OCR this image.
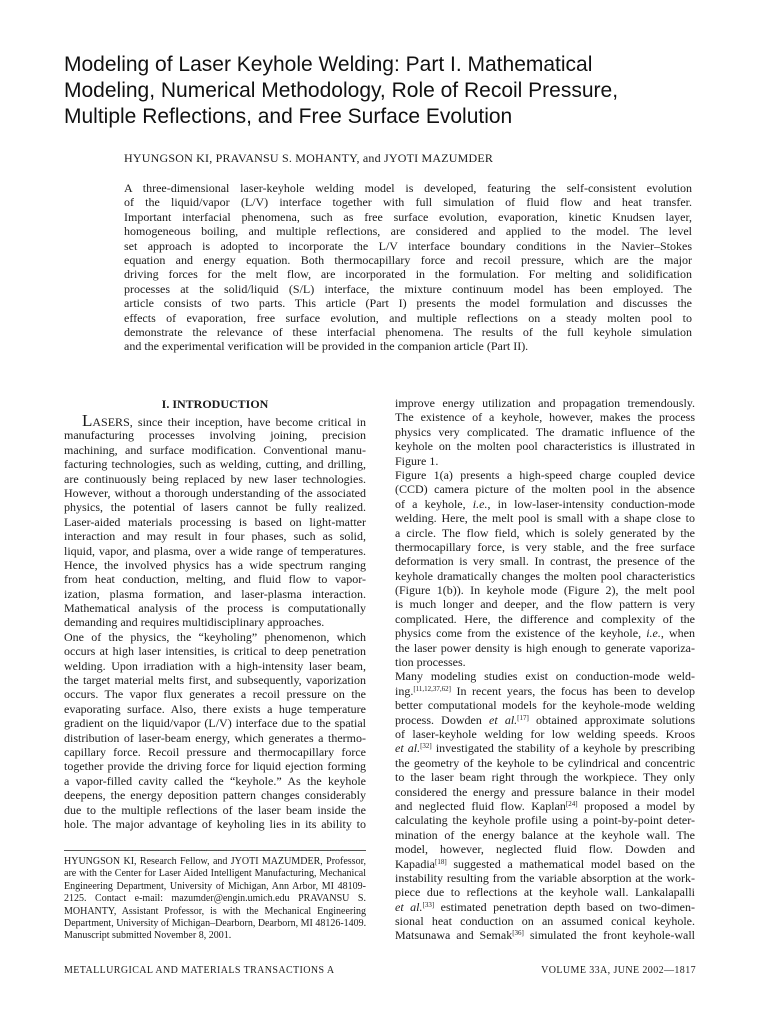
Modeling of Laser Keyhole Welding: Part I. Mathematical
Modeling, Numerical Methodology, Role of Recoil Pressure,
Multiple Reflections, and Free Surface Evolution
HYUNGSON KI, PRAVANSU S. MOHANTY, and JYOTI MAZUMDER
A three-dimensional laser-keyhole welding model is developed, featuring the self-consistent evolution
of the liquid/vapor (L/V) interface together with full simulation of fluid flow and heat transfer.
Important interfacial phenomena, such as free surface evolution, evaporation, kinetic Knudsen layer,
homogeneous boiling, and multiple reflections, are considered and applied to the model. The level
set approach is adopted to incorporate the L/V interface boundary conditions in the Navier–Stokes
equation and energy equation. Both thermocapillary force and recoil pressure, which are the major
driving forces for the melt flow, are incorporated in the formulation. For melting and solidification
processes at the solid/liquid (S/L) interface, the mixture continuum model has been employed. The
article consists of two parts. This article (Part I) presents the model formulation and discusses the
effects of evaporation, free surface evolution, and multiple reflections on a steady molten pool to
demonstrate the relevance of these interfacial phenomena. The results of the full keyhole simulation
and the experimental verification will be provided in the companion article (Part II).
I. INTRODUCTION
  LASERS, since their inception, have become critical in
manufacturing processes involving joining, precision
machining, and surface modification. Conventional manu-
facturing technologies, such as welding, cutting, and drilling,
are continuously being replaced by new laser technologies.
However, without a thorough understanding of the associated
physics, the potential of lasers cannot be fully realized.
Laser-aided materials processing is based on light-matter
interaction and may result in four phases, such as solid,
liquid, vapor, and plasma, over a wide range of temperatures.
Hence, the involved physics has a wide spectrum ranging
from heat conduction, melting, and fluid flow to vapor-
ization, plasma formation, and laser-plasma interaction.
Mathematical analysis of the process is computationally
demanding and requires multidisciplinary approaches.
One of the physics, the “keyholing” phenomenon, which
occurs at high laser intensities, is critical to deep penetration
welding. Upon irradiation with a high-intensity laser beam,
the target material melts first, and subsequently, vaporization
occurs. The vapor flux generates a recoil pressure on the
evaporating surface. Also, there exists a huge temperature
gradient on the liquid/vapor (L/V) interface due to the spatial
distribution of laser-beam energy, which generates a thermo-
capillary force. Recoil pressure and thermocapillary force
together provide the driving force for liquid ejection forming
a vapor-filled cavity called the “keyhole.” As the keyhole
deepens, the energy deposition pattern changes considerably
due to the multiple reflections of the laser beam inside the
hole. The major advantage of keyholing lies in its ability to
HYUNGSON KI, Research Fellow, and JYOTI MAZUMDER, Professor,
are with the Center for Laser Aided Intelligent Manufacturing, Mechanical
Engineering Department, University of Michigan, Ann Arbor, MI 48109-
2125. Contact e-mail: mazumder@engin.umich.edu PRAVANSU S.
MOHANTY, Assistant Professor, is with the Mechanical Engineering
Department, University of Michigan–Dearborn, Dearborn, MI 48126-1409.
Manuscript submitted November 8, 2001.
improve energy utilization and propagation tremendously.
The existence of a keyhole, however, makes the process
physics very complicated. The dramatic influence of the
keyhole on the molten pool characteristics is illustrated in
Figure 1.
Figure 1(a) presents a high-speed charge coupled device
(CCD) camera picture of the molten pool in the absence
of a keyhole, i.e., in low-laser-intensity conduction-mode
welding. Here, the melt pool is small with a shape close to
a circle. The flow field, which is solely generated by the
thermocapillary force, is very stable, and the free surface
deformation is very small. In contrast, the presence of the
keyhole dramatically changes the molten pool characteristics
(Figure 1(b)). In keyhole mode (Figure 2), the melt pool
is much longer and deeper, and the flow pattern is very
complicated. Here, the difference and complexity of the
physics come from the existence of the keyhole, i.e., when
the laser power density is high enough to generate vaporiza-
tion processes.
Many modeling studies exist on conduction-mode weld-
ing.[11,12,37,62] In recent years, the focus has been to develop
better computational models for the keyhole-mode welding
process. Dowden et al.[17] obtained approximate solutions
of laser-keyhole welding for low welding speeds. Kroos
et al.[32] investigated the stability of a keyhole by prescribing
the geometry of the keyhole to be cylindrical and concentric
to the laser beam right through the workpiece. They only
considered the energy and pressure balance in their model
and neglected fluid flow. Kaplan[24] proposed a model by
calculating the keyhole profile using a point-by-point deter-
mination of the energy balance at the keyhole wall. The
model, however, neglected fluid flow. Dowden and
Kapadia[18] suggested a mathematical model based on the
instability resulting from the variable absorption at the work-
piece due to reflections at the keyhole wall. Lankalapalli
et al.[33] estimated penetration depth based on two-dimen-
sional heat conduction on an assumed conical keyhole.
Matsunawa and Semak[36] simulated the front keyhole-wall
METALLURGICAL AND MATERIALS TRANSACTIONS A	VOLUME 33A, JUNE 2002—1817
